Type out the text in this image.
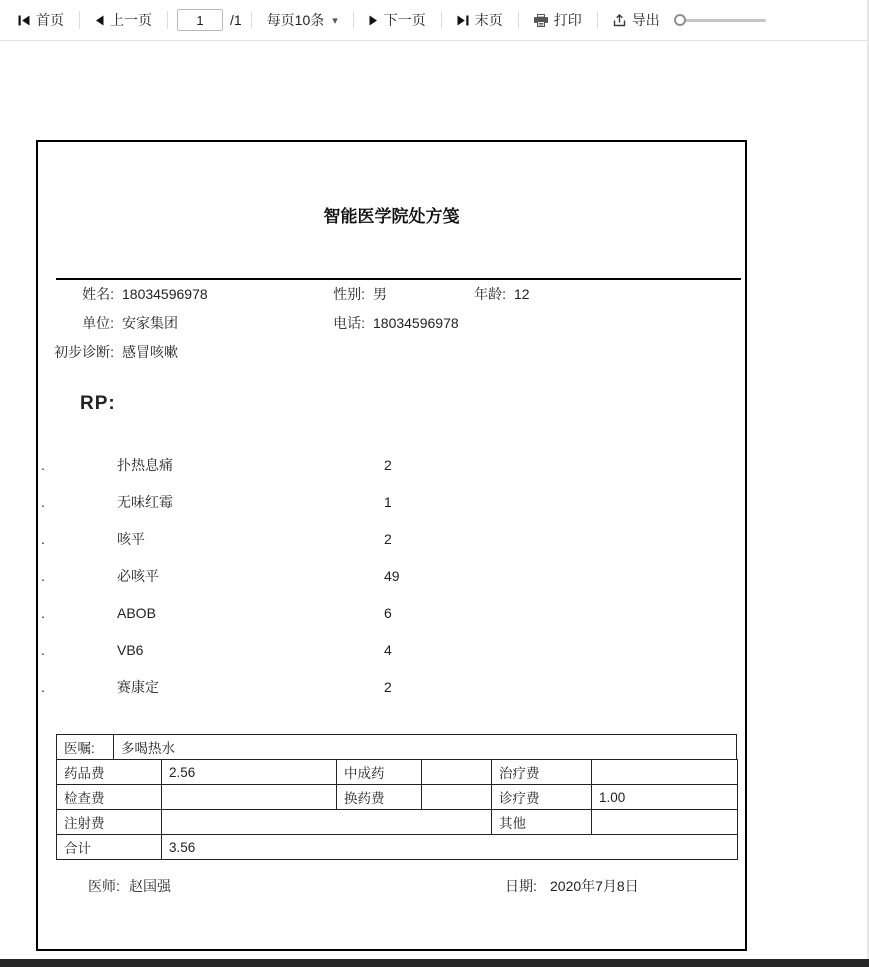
首页	上一页
1	/1 每页10条 ▾	下一页	末页	打印	导出
智能医学院处方笺
姓名: 18034596978	性别: 男	年龄: 12
单位: 安家集团	电话: 18034596978
初步诊断: 感冒咳嗽
RP:
.	扑热息痛	2
.	无味红霉	1
.	咳平	2
.	必咳平	49
.	ABOB	6
.	VB6	4
.	赛康定	2
医嘱:	多喝热水
药品费	2.56	中成药		治疗费	
检查费		换药费		诊疗费	1.00
注射费				其他	
合计	3.56				
医师: 赵国强	日期: 2020年7月8日
